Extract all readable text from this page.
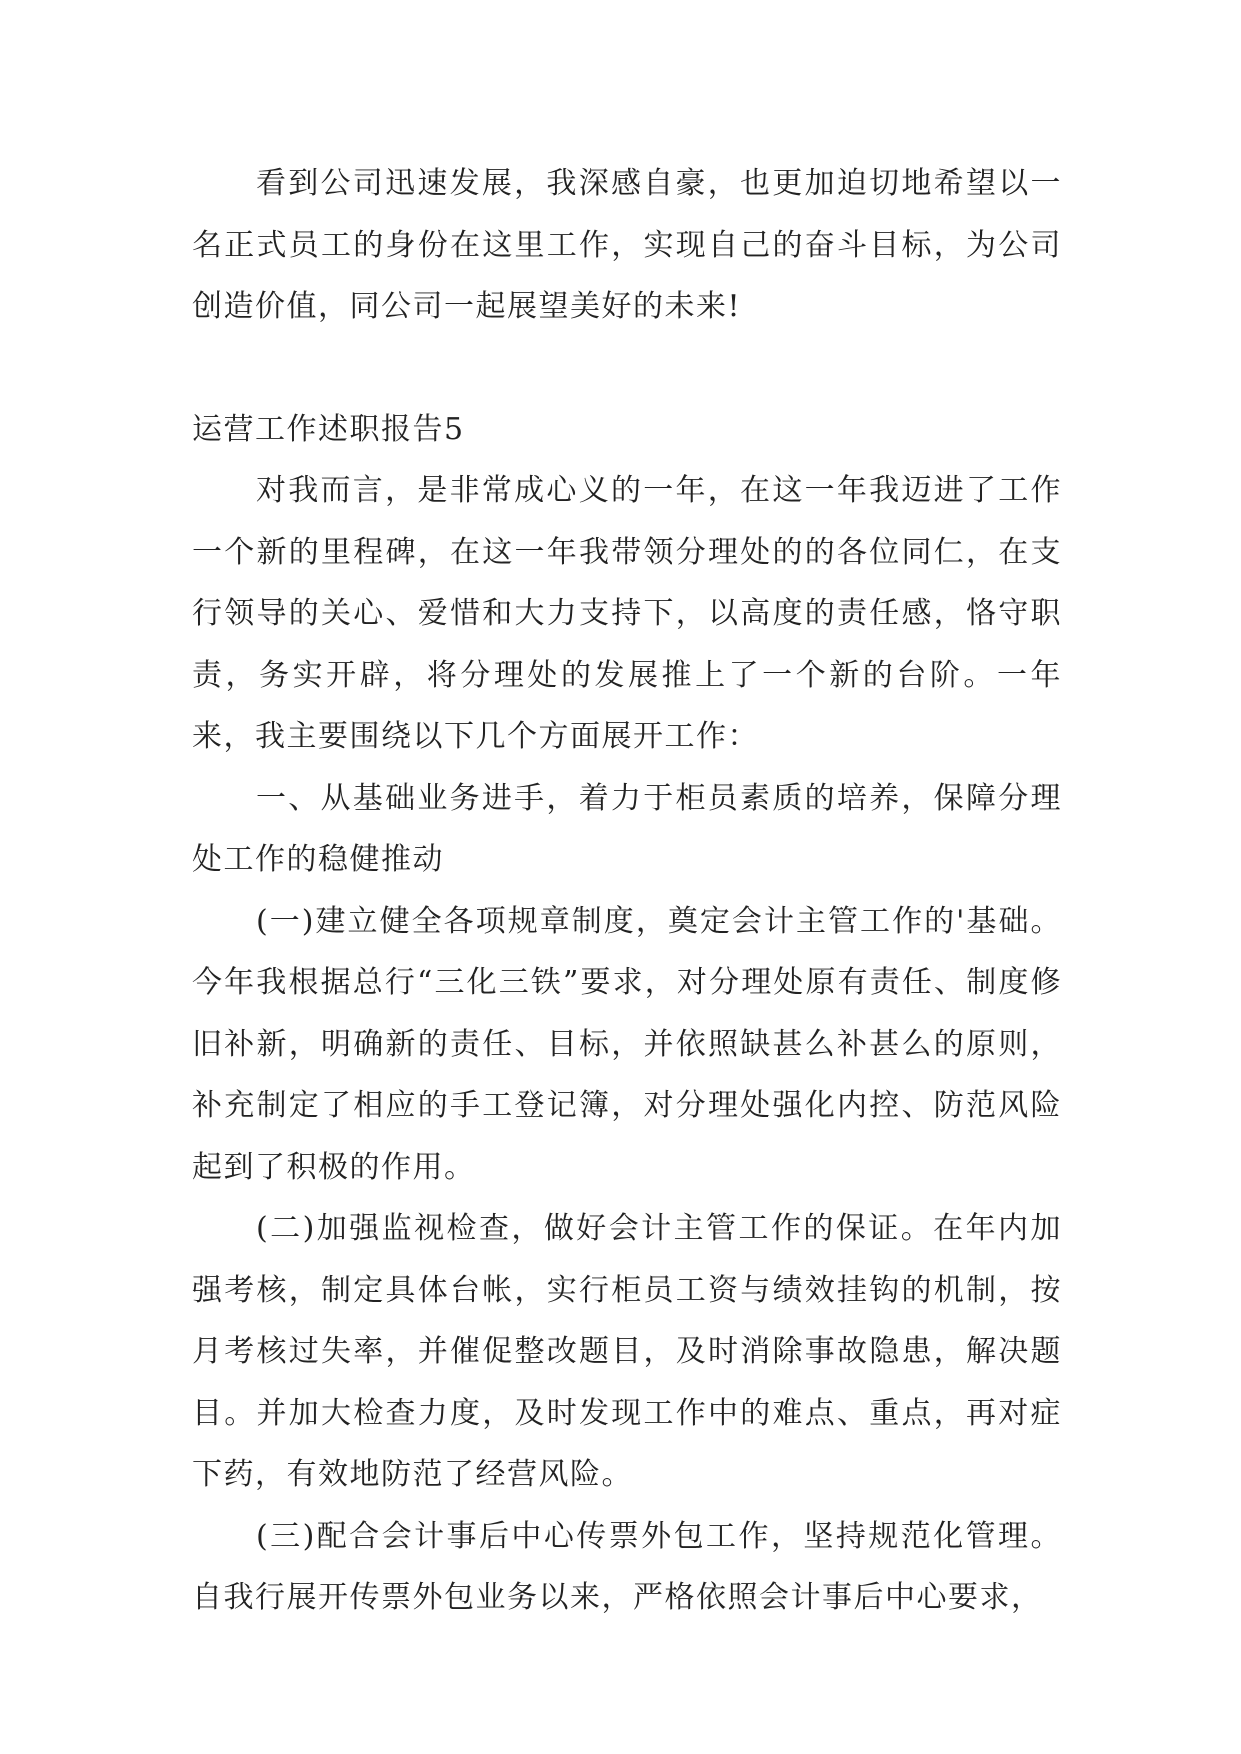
看到公司迅速发展，我深感自豪，也更加迫切地希望以一名正式员工的身份在这里工作，实现自己的奋斗目标，为公司创造价值，同公司一起展望美好的未来!

运营工作述职报告5

对我而言，是非常成心义的一年，在这一年我迈进了工作一个新的里程碑，在这一年我带领分理处的的各位同仁，在支行领导的关心、爱惜和大力支持下，以高度的责任感，恪守职责，务实开辟，将分理处的发展推上了一个新的台阶。一年来，我主要围绕以下几个方面展开工作：

一、从基础业务进手，着力于柜员素质的培养，保障分理处工作的稳健推动

(一)建立健全各项规章制度，奠定会计主管工作的'基础。今年我根据总行“三化三铁”要求，对分理处原有责任、制度修旧补新，明确新的责任、目标，并依照缺甚么补甚么的原则，补充制定了相应的手工登记簿，对分理处强化内控、防范风险起到了积极的作用。

(二)加强监视检查，做好会计主管工作的保证。在年内加强考核，制定具体台帐，实行柜员工资与绩效挂钩的机制，按月考核过失率，并催促整改题目，及时消除事故隐患，解决题目。并加大检查力度，及时发现工作中的难点、重点，再对症下药，有效地防范了经营风险。

(三)配合会计事后中心传票外包工作，坚持规范化管理。自我行展开传票外包业务以来，严格依照会计事后中心要求，
